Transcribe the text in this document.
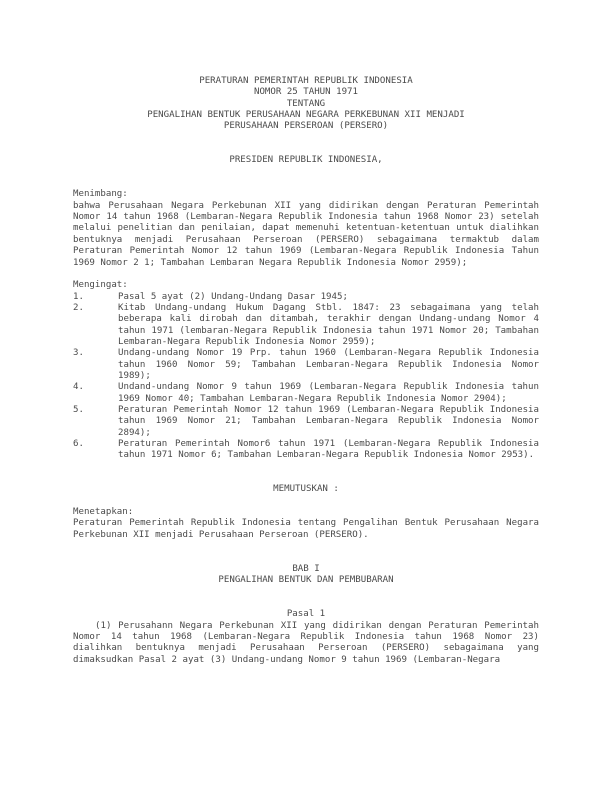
PERATURAN PEMERINTAH REPUBLIK INDONESIA
NOMOR 25 TAHUN 1971
TENTANG
PENGALIHAN BENTUK PERUSAHAAN NEGARA PERKEBUNAN XII MENJADI
PERUSAHAAN PERSEROAN (PERSERO)
PRESIDEN REPUBLIK INDONESIA,
Menimbang:
bahwa Perusahaan Negara Perkebunan XII yang didirikan dengan Peraturan Pemerintah Nomor 14 tahun 1968 (Lembaran-Negara Republik Indonesia tahun 1968 Nomor 23) setelah melalui penelitian dan penilaian, dapat memenuhi ketentuan-ketentuan untuk dialihkan bentuknya menjadi Perusahaan Perseroan (PERSERO) sebagaimana termaktub dalam Peraturan Pemerintah Nomor 12 tahun 1969 (Lembaran-Negara Republik Indonesia Tahun 1969 Nomor 2 1; Tambahan Lembaran Negara Republik Indonesia Nomor 2959);
Mengingat:
1.	Pasal 5 ayat (2) Undang-Undang Dasar 1945;
2.	Kitab Undang-undang Hukum Dagang Stbl. 1847: 23 sebagaimana yang telah beberapa kali dirobah dan ditambah, terakhir dengan Undang-undang Nomor 4 tahun 1971 (lembaran-Negara Republik Indonesia tahun 1971 Nomor 20; Tambahan Lembaran-Negara Republik Indonesia Nomor 2959);
3.	Undang-undang Nomor 19 Prp. tahun 1960 (Lembaran-Negara Republik Indonesia tahun 1960 Nomor 59; Tambahan Lembaran-Negara Republik Indonesia Nomor 1989);
4.	Undand-undang Nomor 9 tahun 1969 (Lembaran-Negara Republik Indonesia tahun 1969 Nomor 40; Tambahan Lembaran-Negara Republik Indonesia Nomor 2904);
5.	Peraturan Pemerintah Nomor 12 tahun 1969 (Lembaran-Negara Republik Indonesia tahun 1969 Nomor 21; Tambahan Lembaran-Negara Republik Indonesia Nomor 2894);
6.	Peraturan Pemerintah Nomor6 tahun 1971 (Lembaran-Negara Republik Indonesia tahun 1971 Nomor 6; Tambahan Lembaran-Negara Republik Indonesia Nomor 2953).
MEMUTUSKAN :
Menetapkan:
Peraturan Pemerintah Republik Indonesia tentang Pengalihan Bentuk Perusahaan Negara Perkebunan XII menjadi Perusahaan Perseroan (PERSERO).
BAB I
PENGALIHAN BENTUK DAN PEMBUBARAN
Pasal 1
(1) Perusahann Negara Perkebunan XII yang didirikan dengan Peraturan Pemerintah Nomor 14 tahun 1968 (Lembaran-Negara Republik Indonesia tahun 1968 Nomor 23) dialihkan bentuknya menjadi Perusahaan Perseroan (PERSERO) sebagaimana yang dimaksudkan Pasal 2 ayat (3) Undang-undang Nomor 9 tahun 1969 (Lembaran-Negara
